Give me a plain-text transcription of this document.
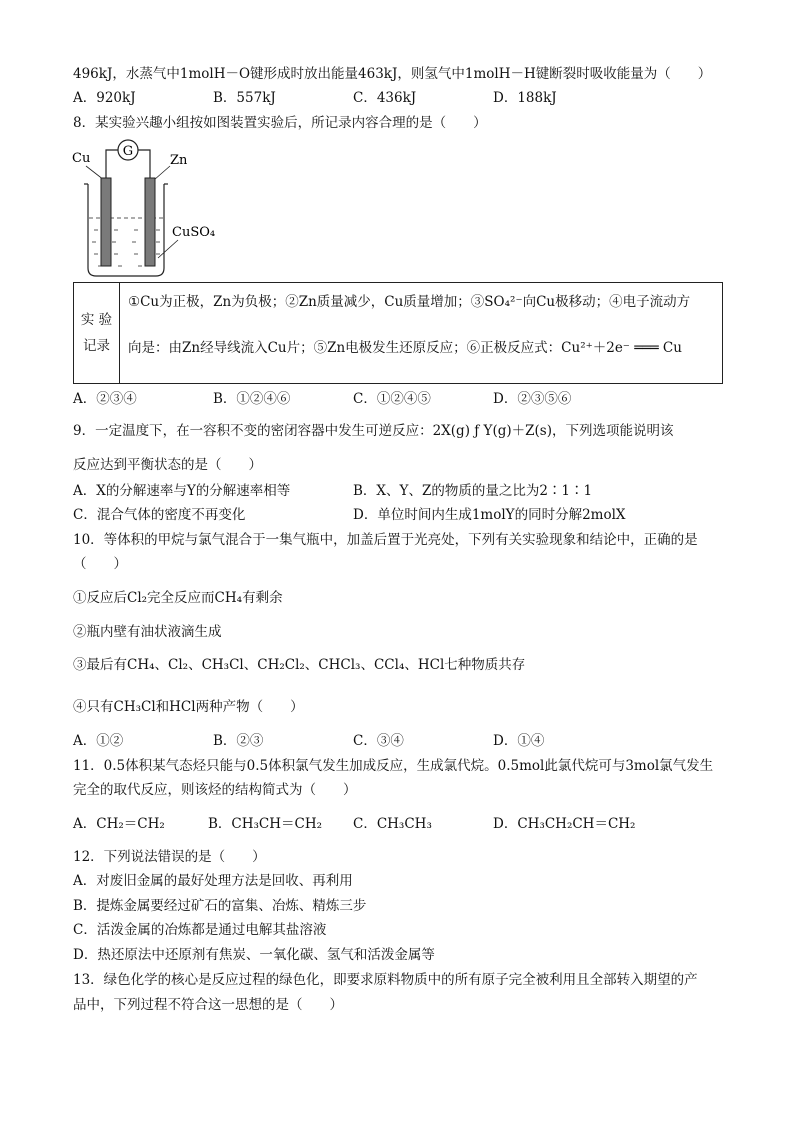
496kJ，水蒸气中1molH－O键形成时放出能量463kJ，则氢气中1molH－H键断裂时吸收能量为（　　）
A．920kJ	B．557kJ	C．436kJ	D．188kJ
8．某实验兴趣小组按如图装置实验后，所记录内容合理的是（　　）
G
Cu	Zn
CuSO₄
实 验
记录
①Cu为正极，Zn为负极；②Zn质量减少，Cu质量增加；③SO₄²⁻向Cu极移动；④电子流动方
向是：由Zn经导线流入Cu片；⑤Zn电极发生还原反应；⑥正极反应式：Cu²⁺＋2e⁻ ═══ Cu
A．②③④	B．①②④⑥	C．①②④⑤	D．②③⑤⑥
9．一定温度下，在一容积不变的密闭容器中发生可逆反应：2X(g) ƒ Y(g)＋Z(s)，下列选项能说明该
反应达到平衡状态的是（　　）
A．X的分解速率与Y的分解速率相等	B．X、Y、Z的物质的量之比为2∶1∶1
C．混合气体的密度不再变化	D．单位时间内生成1molY的同时分解2molX
10．等体积的甲烷与氯气混合于一集气瓶中，加盖后置于光亮处，下列有关实验现象和结论中，正确的是
（　　）
①反应后Cl₂完全反应而CH₄有剩余
②瓶内壁有油状液滴生成
③最后有CH₄、Cl₂、CH₃Cl、CH₂Cl₂、CHCl₃、CCl₄、HCl七种物质共存
④只有CH₃Cl和HCl两种产物（　　）
A．①②	B．②③	C．③④	D．①④
11．0.5体积某气态烃只能与0.5体积氯气发生加成反应，生成氯代烷。0.5mol此氯代烷可与3mol氯气发生
完全的取代反应，则该烃的结构简式为（　　）
A．CH₂＝CH₂	B．CH₃CH＝CH₂ C．CH₃CH₃	D．CH₃CH₂CH＝CH₂
12．下列说法错误的是（　　）
A．对废旧金属的最好处理方法是回收、再利用
B．提炼金属要经过矿石的富集、冶炼、精炼三步
C．活泼金属的冶炼都是通过电解其盐溶液
D．热还原法中还原剂有焦炭、一氧化碳、氢气和活泼金属等
13．绿色化学的核心是反应过程的绿色化，即要求原料物质中的所有原子完全被利用且全部转入期望的产
品中，下列过程不符合这一思想的是（　　）
